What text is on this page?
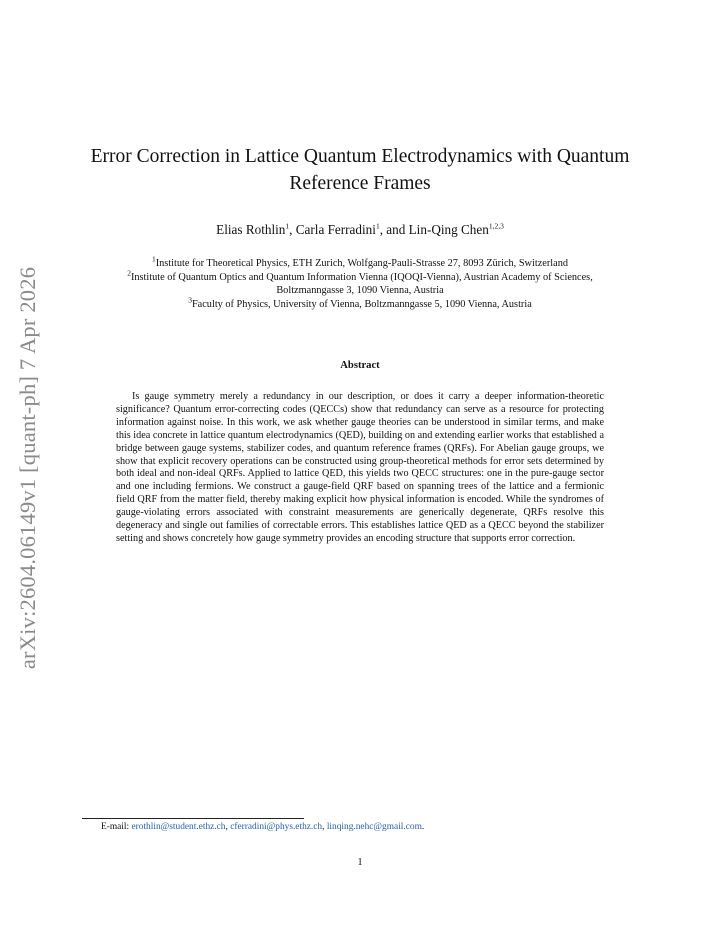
arXiv:2604.06149v1 [quant-ph] 7 Apr 2026
Error Correction in Lattice Quantum Electrodynamics with Quantum Reference Frames
Elias Rothlin$^1$, Carla Ferradini$^1$, and Lin-Qing Chen$^{1,2,3}$
$^1$Institute for Theoretical Physics, ETH Zurich, Wolfgang-Pauli-Strasse 27, 8093 Zürich, Switzerland
$^2$Institute of Quantum Optics and Quantum Information Vienna (IQOQI-Vienna), Austrian Academy of Sciences,
Boltzmanngasse 3, 1090 Vienna, Austria
$^3$Faculty of Physics, University of Vienna, Boltzmanngasse 5, 1090 Vienna, Austria
Abstract

Is gauge symmetry merely a redundancy in our description, or does it carry a deeper information-theoretic significance? Quantum error-correcting codes (QECCs) show that redundancy can serve as a resource for protecting information against noise. In this work, we ask whether gauge theories can be understood in similar terms, and make this idea concrete in lattice quantum electrodynamics (QED), building on and extending earlier works that established a bridge between gauge systems, stabilizer codes, and quantum reference frames (QRFs). For Abelian gauge groups, we show that explicit recovery operations can be constructed using group-theoretical methods for error sets determined by both ideal and non-ideal QRFs. Applied to lattice QED, this yields two QECC structures: one in the pure-gauge sector and one including fermions. We construct a gauge-field QRF based on spanning trees of the lattice and a fermionic field QRF from the matter field, thereby making explicit how physical information is encoded. While the syndromes of gauge-violating errors associated with constraint measurements are generically degenerate, QRFs resolve this degeneracy and single out families of correctable errors. This establishes lattice QED as a QECC beyond the stabilizer setting and shows concretely how gauge symmetry provides an encoding structure that supports error correction.

E-mail: erothlin@student.ethz.ch, cferradini@phys.ethz.ch, linqing.nehc@gmail.com.
1
